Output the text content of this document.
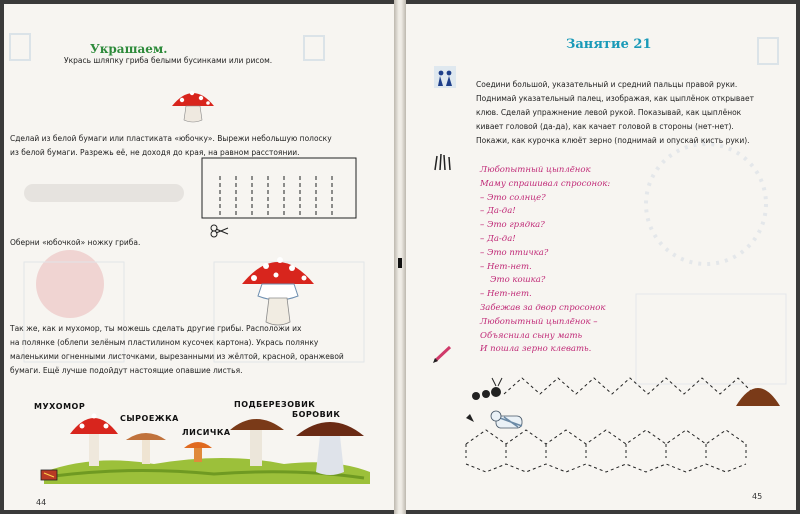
Украшаем.
Укрась шляпку гриба белыми бусинками или рисом.
Сделай из белой бумаги или пластиката «юбочку». Вырежи небольшую полоску
из белой бумаги. Разрежь её, не доходя до края, на равном расстоянии.
Оберни «юбочкой» ножку гриба.
Так же, как и мухомор, ты можешь сделать другие грибы. Расположи их
на полянке (облепи зелёным пластилином кусочек картона). Укрась полянку
маленькими огненными листочками, вырезанными из жёлтой, красной, оранжевой
бумаги. Ещё лучше подойдут настоящие опавшие листья.
МУХОМОР
СЫРОЕЖКА
ЛИСИЧКА
ПОДБЕРЕЗОВИК
БОРОВИК
44
Занятие 21
Соедини большой, указательный и средний пальцы правой руки.
Поднимай указательный палец, изображая, как цыплёнок открывает
клюв. Сделай упражнение левой рукой. Показывай, как цыплёнок
кивает головой (да-да), как качает головой в стороны (нет-нет).
Покажи, как курочка клюёт зерно (поднимай и опускай кисть руки).
Любопытный цыплёнок
Маму спрашивал спросонок:
– Это солнце?
– Да-да!
– Это грядка?
– Да-да!
– Это птичка?
– Нет-нет.
Это кошка?
– Нет-нет.
Забежав за двор спросонок
Любопытный цыплёнок –
Объяснила сыну мать
И пошла зерно клевать.
45
